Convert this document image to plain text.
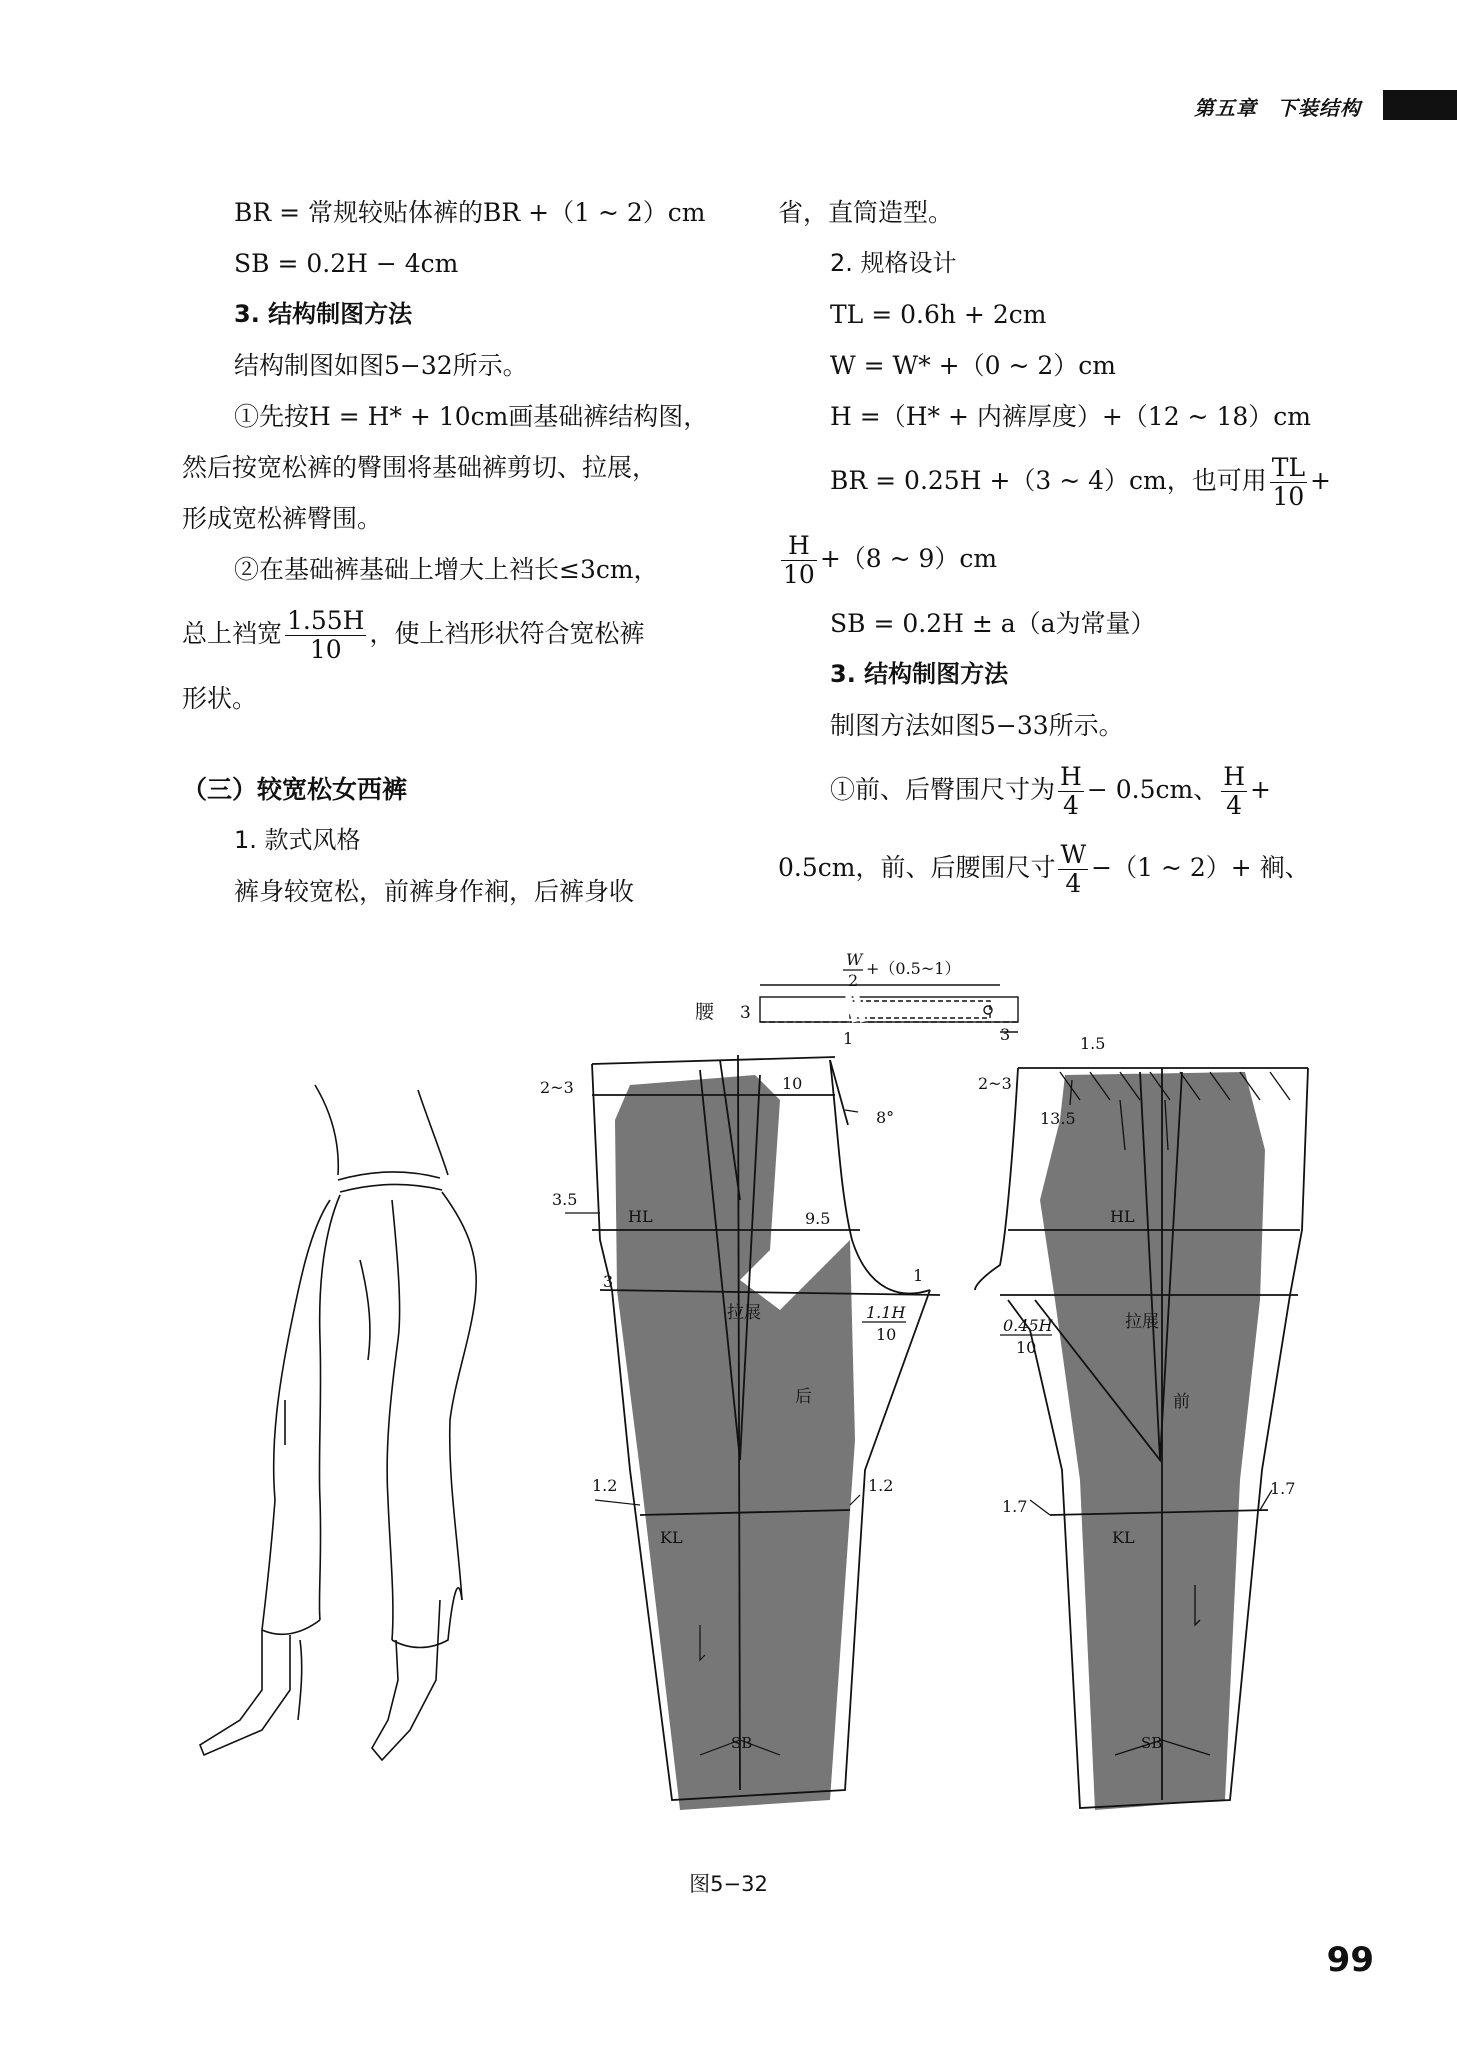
第五章 下装结构
BR = 常规较贴体裤的BR +（1 ~ 2）cm
SB = 0.2H − 4cm
3. 结构制图方法
结构制图如图5−32所示。
①先按H = H* + 10cm画基础裤结构图，
然后按宽松裤的臀围将基础裤剪切、拉展，
形成宽松裤臀围。
②在基础裤基础上增大上裆长≤3cm，
总上裆宽 $\frac{1.55H}{10}$ ，使上裆形状符合宽松裤
形状。
（三）较宽松女西裤
1. 款式风格
裤身较宽松，前裤身作裥，后裤身收
省，直筒造型。
2. 规格设计
TL = 0.6h + 2cm
W = W* +（0 ~ 2）cm
H =（H* + 内裤厚度）+（12 ~ 18）cm
BR = 0.25H +（3 ~ 4）cm，也可用 $\frac{TL}{10}$ +
$\frac{H}{10} +(8$ ~ 9）cm
SB = 0.2H ± a（a为常量）
3. 结构制图方法
制图方法如图5−33所示。
①前、后臀围尺寸为 $\frac{H}{4} - 0.5cm$、 $\frac{H}{4}$ +
0.5cm，前、后腰围尺寸 $\frac{W}{4} -(1$ ~ 2）+ 裥、
腰 3
3
W
2
+（0.5~1）
1
2~3	10
8°
3.5
HL	9.5
3	1
拉展	1.1H
10
后
1.2	1.2
KL
SB
1.5
2~3
13.5
HL
0.45H
10
拉展
前
1.7
1.7
KL
SB
图5−32
99
